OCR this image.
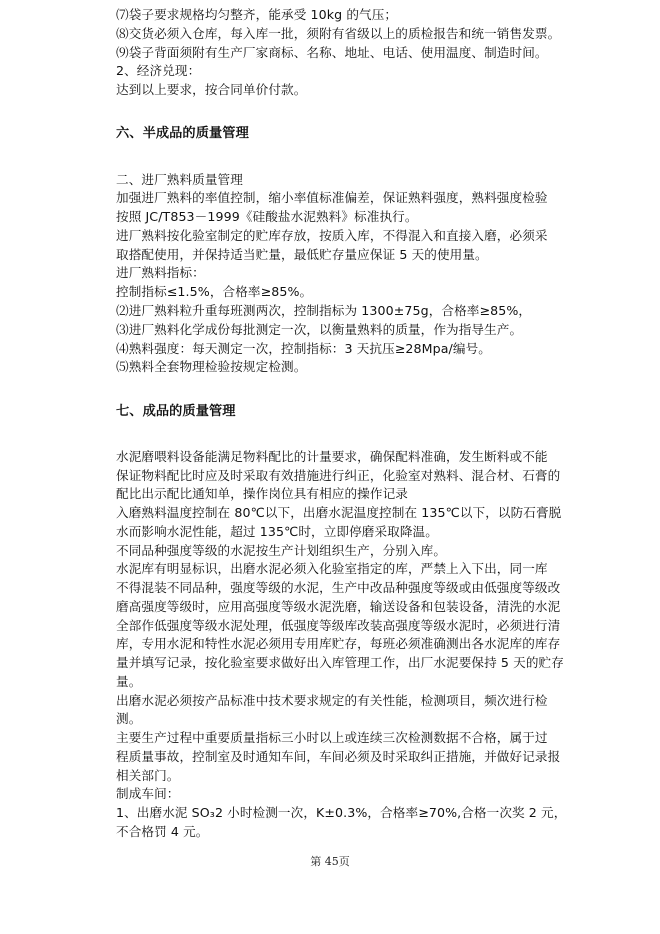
⑺袋子要求规格均匀整齐，能承受 10kg 的气压；
⑻交货必须入仓库，每入库一批，须附有省级以上的质检报告和统一销售发票。
⑼袋子背面须附有生产厂家商标、名称、地址、电话、使用温度、制造时间。
2、经济兑现：
达到以上要求，按合同单价付款。
六、半成品的质量管理
二、进厂熟料质量管理
加强进厂熟料的率值控制，缩小率值标准偏差，保证熟料强度，熟料强度检验
按照 JC/T853－1999《硅酸盐水泥熟料》标准执行。
进厂熟料按化验室制定的贮库存放，按质入库，不得混入和直接入磨，必须采
取搭配使用，并保持适当贮量，最低贮存量应保证 5 天的使用量。
进厂熟料指标：
控制指标≤1.5%，合格率≥85%。
⑵进厂熟料粒升重每班测两次，控制指标为 1300±75g，合格率≥85%，
⑶进厂熟料化学成份每批测定一次，以衡量熟料的质量，作为指导生产。
⑷熟料强度：每天测定一次，控制指标：3 天抗压≥28Mpa/编号。
⑸熟料全套物理检验按规定检测。
七、成品的质量管理
水泥磨喂料设备能满足物料配比的计量要求，确保配料准确，发生断料或不能
保证物料配比时应及时采取有效措施进行纠正，化验室对熟料、混合材、石膏的
配比出示配比通知单，操作岗位具有相应的操作记录
入磨熟料温度控制在 80℃以下，出磨水泥温度控制在 135℃以下，以防石膏脱
水而影响水泥性能，超过 135℃时，立即停磨采取降温。
不同品种强度等级的水泥按生产计划组织生产，分别入库。
水泥库有明显标识，出磨水泥必须入化验室指定的库，严禁上入下出，同一库
不得混装不同品种，强度等级的水泥，生产中改品种强度等级或由低强度等级改
磨高强度等级时，应用高强度等级水泥洗磨，输送设备和包装设备，清洗的水泥
全部作低强度等级水泥处理，低强度等级库改装高强度等级水泥时，必须进行清
库，专用水泥和特性水泥必须用专用库贮存，每班必须准确测出各水泥库的库存
量并填写记录，按化验室要求做好出入库管理工作，出厂水泥要保持 5 天的贮存
量。
出磨水泥必须按产品标准中技术要求规定的有关性能，检测项目，频次进行检
测。
主要生产过程中重要质量指标三小时以上或连续三次检测数据不合格，属于过
程质量事故，控制室及时通知车间，车间必须及时采取纠正措施，并做好记录报
相关部门。
制成车间：
1、出磨水泥 SO₃2 小时检测一次，K±0.3%，合格率≥70%,合格一次奖 2 元，
不合格罚 4 元。
第 45页
